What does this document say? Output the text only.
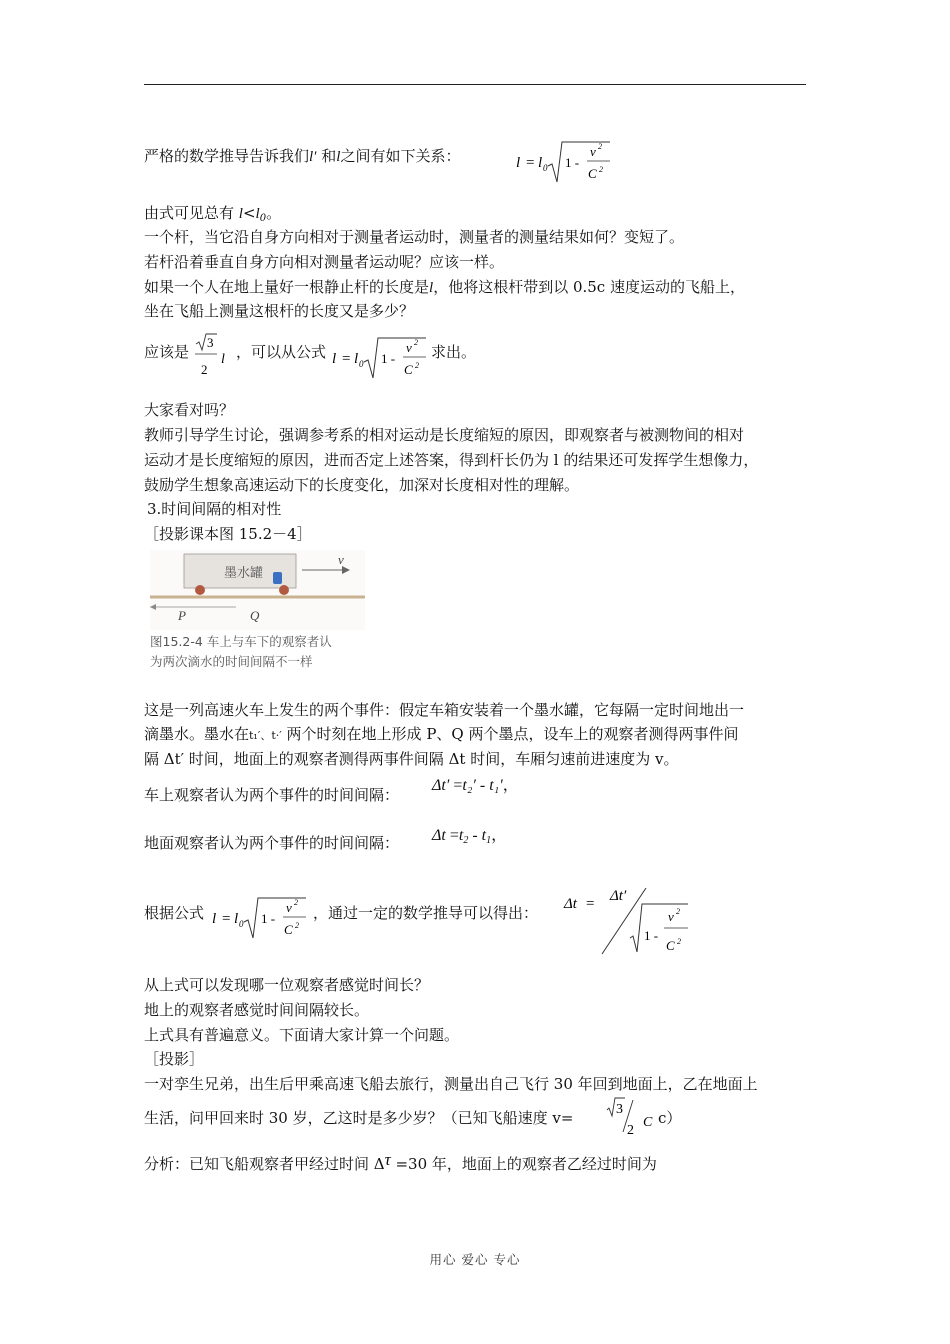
严格的数学推导告诉我们l′ 和l之间有如下关系：	l = l 0 1 -
v 2
C 2
由式可见总有 $l<l_0$。
一个杆，当它沿自身方向相对于测量者运动时，测量者的测量结果如何？变短了。
若杆沿着垂直自身方向相对测量者运动呢？应该一样。
如果一个人在地上量好一根静止杆的长度是l，他将这根杆带到以 0.5c 速度运动的飞船上，
坐在飞船上测量这根杆的长度又是多少？
应该是
3
2
l ，可以从公式 l = l 0 1 -
v 2
C 2
求出。
大家看对吗？
教师引导学生讨论，强调参考系的相对运动是长度缩短的原因，即观察者与被测物间的相对
运动才是长度缩短的原因，进而否定上述答案，得到杆长仍为 l 的结果还可发挥学生想像力，
鼓励学生想象高速运动下的长度变化，加深对长度相对性的理解。
3.时间间隔的相对性
［投影课本图 15.2－4］
墨水罐
v
P	Q
图15.2-4 车上与车下的观察者认
为两次滴水的时间间隔不一样
这是一列高速火车上发生的两个事件：假定车箱安装着一个墨水罐，它每隔一定时间地出一
滴墨水。墨水在t₁′、t·′ 两个时刻在地上形成 P、Q 两个墨点，设车上的观察者测得两事件间
隔 Δt′ 时间，地面上的观察者测得两事件间隔 Δt 时间，车厢匀速前进速度为 v。
车上观察者认为两个事件的时间间隔：
Δt′ =t₂′ - t₁′，
地面观察者认为两个事件的时间间隔： $\Delta t =t_2 - t_1$，
根据公式 l = l 0 1 -
v 2
C 2
，通过一定的数学推导可以得出： Δt = Δt′
1 -
v 2
C 2
从上式可以发现哪一位观察者感觉时间长？
地上的观察者感觉时间间隔较长。
上式具有普遍意义。下面请大家计算一个问题。
［投影］
一对孪生兄弟，出生后甲乘高速飞船去旅行，测量出自己飞行 30 年回到地面上，乙在地面上
生活，问甲回来时 30 岁，乙这时是多少岁？（已知飞船速度 v=	3
2
C c）
分析：已知飞船观察者甲经过时间 Δτ =30 年，地面上的观察者乙经过时间为
用心 爱心 专心
